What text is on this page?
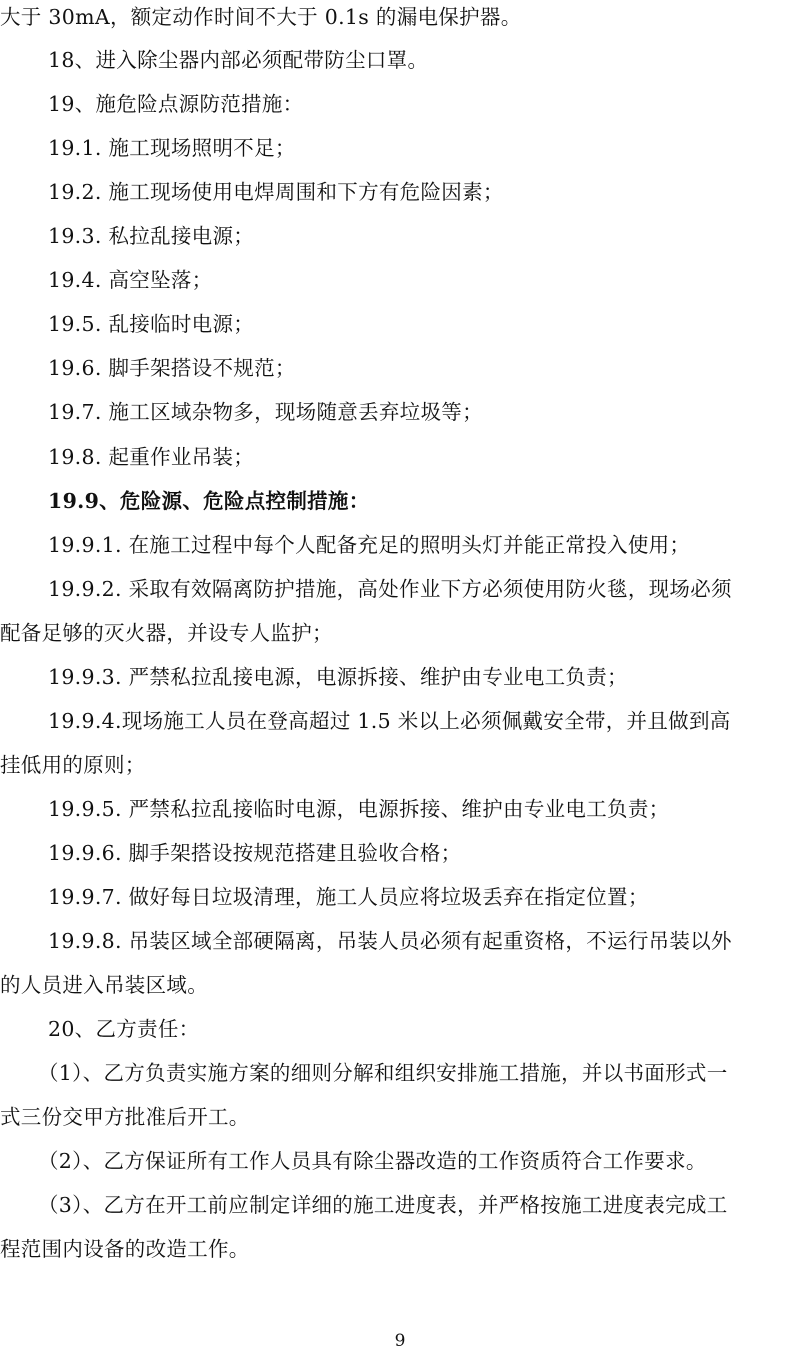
大于 30mA，额定动作时间不大于 0.1s 的漏电保护器。
18、进入除尘器内部必须配带防尘口罩。
19、施危险点源防范措施：
19.1. 施工现场照明不足；
19.2. 施工现场使用电焊周围和下方有危险因素；
19.3. 私拉乱接电源；
19.4. 高空坠落；
19.5. 乱接临时电源；
19.6. 脚手架搭设不规范；
19.7. 施工区域杂物多，现场随意丢弃垃圾等；
19.8. 起重作业吊装；
19.9、危险源、危险点控制措施：
19.9.1. 在施工过程中每个人配备充足的照明头灯并能正常投入使用；
19.9.2. 采取有效隔离防护措施，高处作业下方必须使用防火毯，现场必须
配备足够的灭火器，并设专人监护；
19.9.3. 严禁私拉乱接电源，电源拆接、维护由专业电工负责；
19.9.4.现场施工人员在登高超过 1.5 米以上必须佩戴安全带，并且做到高
挂低用的原则；
19.9.5. 严禁私拉乱接临时电源，电源拆接、维护由专业电工负责；
19.9.6. 脚手架搭设按规范搭建且验收合格；
19.9.7. 做好每日垃圾清理，施工人员应将垃圾丢弃在指定位置；
19.9.8. 吊装区域全部硬隔离，吊装人员必须有起重资格，不运行吊装以外
的人员进入吊装区域。
20、乙方责任：
（1）、乙方负责实施方案的细则分解和组织安排施工措施，并以书面形式一
式三份交甲方批准后开工。
（2）、乙方保证所有工作人员具有除尘器改造的工作资质符合工作要求。
（3）、乙方在开工前应制定详细的施工进度表，并严格按施工进度表完成工
程范围内设备的改造工作。
9
